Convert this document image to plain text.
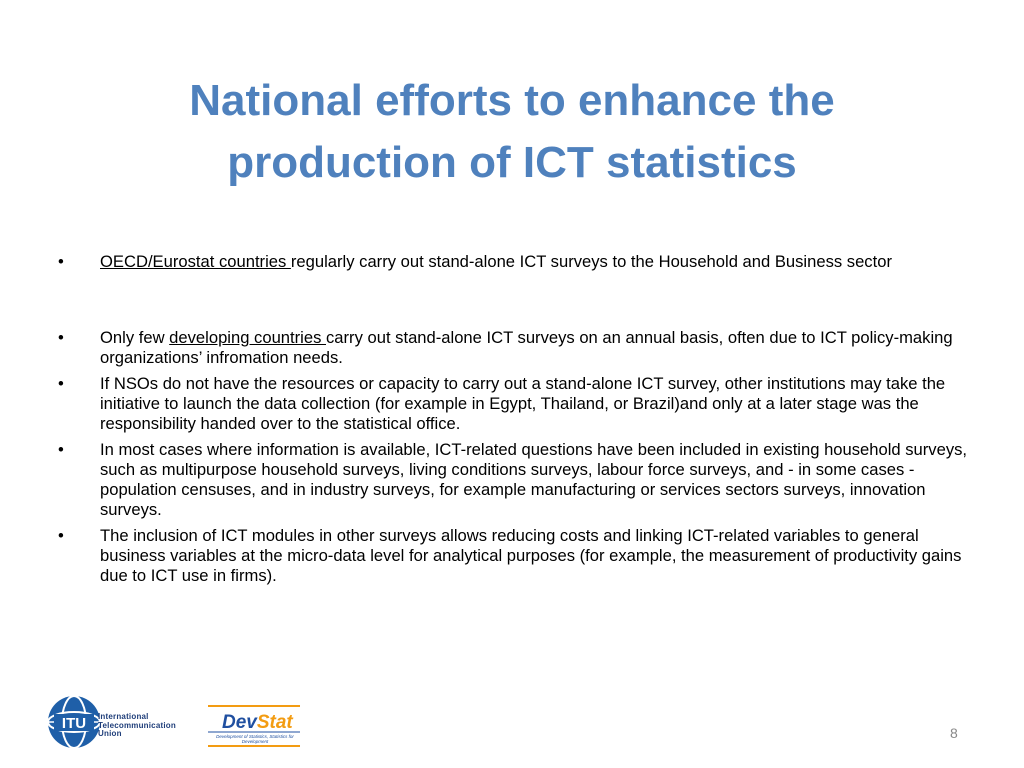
National efforts to enhance the
production of ICT statistics
•	OECD/Eurostat countries regularly carry out stand-alone ICT surveys to the Household and Business sector
•	Only few developing countries carry out stand-alone ICT surveys on an annual basis, often due to ICT policy-making organizations’ infromation needs.
•	If NSOs do not have the resources or capacity to carry out a stand-alone ICT survey, other institutions may take the initiative to launch the data collection (for example in Egypt, Thailand, or Brazil)and only at a later stage was the responsibility handed over to the statistical office.
•	In most cases where information is available, ICT-related questions have been included in existing household surveys, such as multipurpose household surveys, living conditions surveys, labour force surveys, and - in some cases - population censuses, and in industry surveys, for example manufacturing or services sectors surveys, innovation surveys.
•	The inclusion of ICT modules in other surveys allows reducing costs and linking ICT-related variables to general business variables at the micro-data level for analytical purposes (for example, the measurement of productivity gains due to ICT use in firms).
ITU International
Telecommunication
Union
DevStat
Development of Statistics, Statistics for Development
8
